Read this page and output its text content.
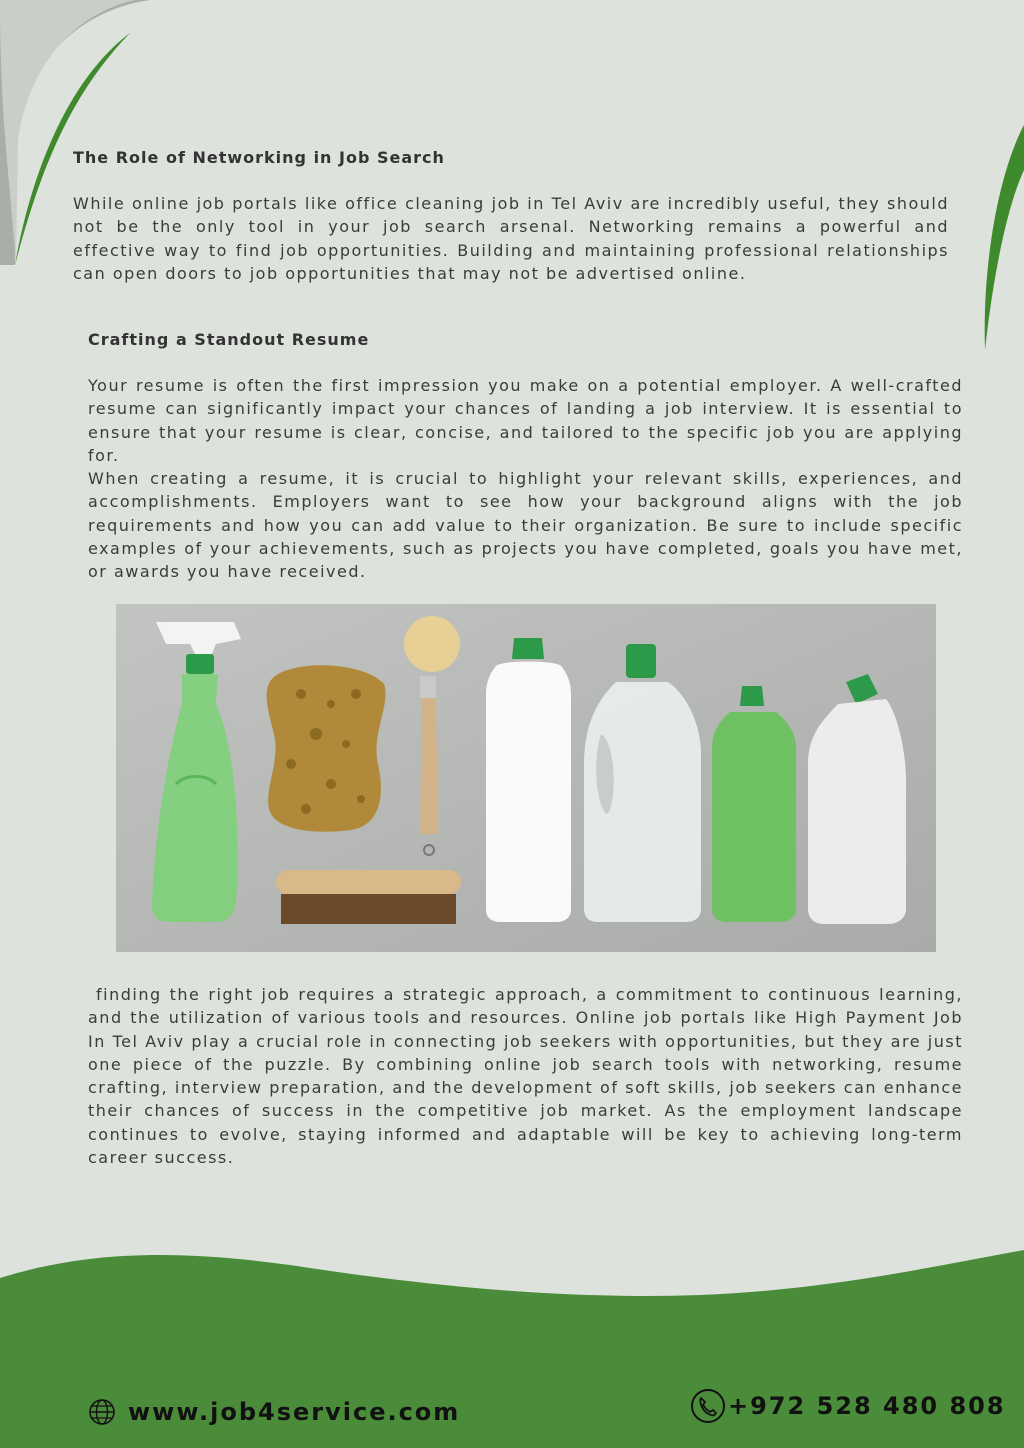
The Role of Networking in Job Search

While online job portals like office cleaning job in Tel Aviv are incredibly useful, they should not be the only tool in your job search arsenal. Networking remains a powerful and effective way to find job opportunities. Building and maintaining professional relationships can open doors to job opportunities that may not be advertised online.

Crafting a Standout Resume

Your resume is often the first impression you make on a potential employer. A well-crafted resume can significantly impact your chances of landing a job interview. It is essential to ensure that your resume is clear, concise, and tailored to the specific job you are applying for.

When creating a resume, it is crucial to highlight your relevant skills, experiences, and accomplishments. Employers want to see how your background aligns with the job requirements and how you can add value to their organization. Be sure to include specific examples of your achievements, such as projects you have completed, goals you have met, or awards you have received.

finding the right job requires a strategic approach, a commitment to continuous learning, and the utilization of various tools and resources. Online job portals like High Payment Job In Tel Aviv play a crucial role in connecting job seekers with opportunities, but they are just one piece of the puzzle. By combining online job search tools with networking, resume crafting, interview preparation, and the development of soft skills, job seekers can enhance their chances of success in the competitive job market. As the employment landscape continues to evolve, staying informed and adaptable will be key to achieving long-term career success.

www.job4service.com	+972 528 480 808
